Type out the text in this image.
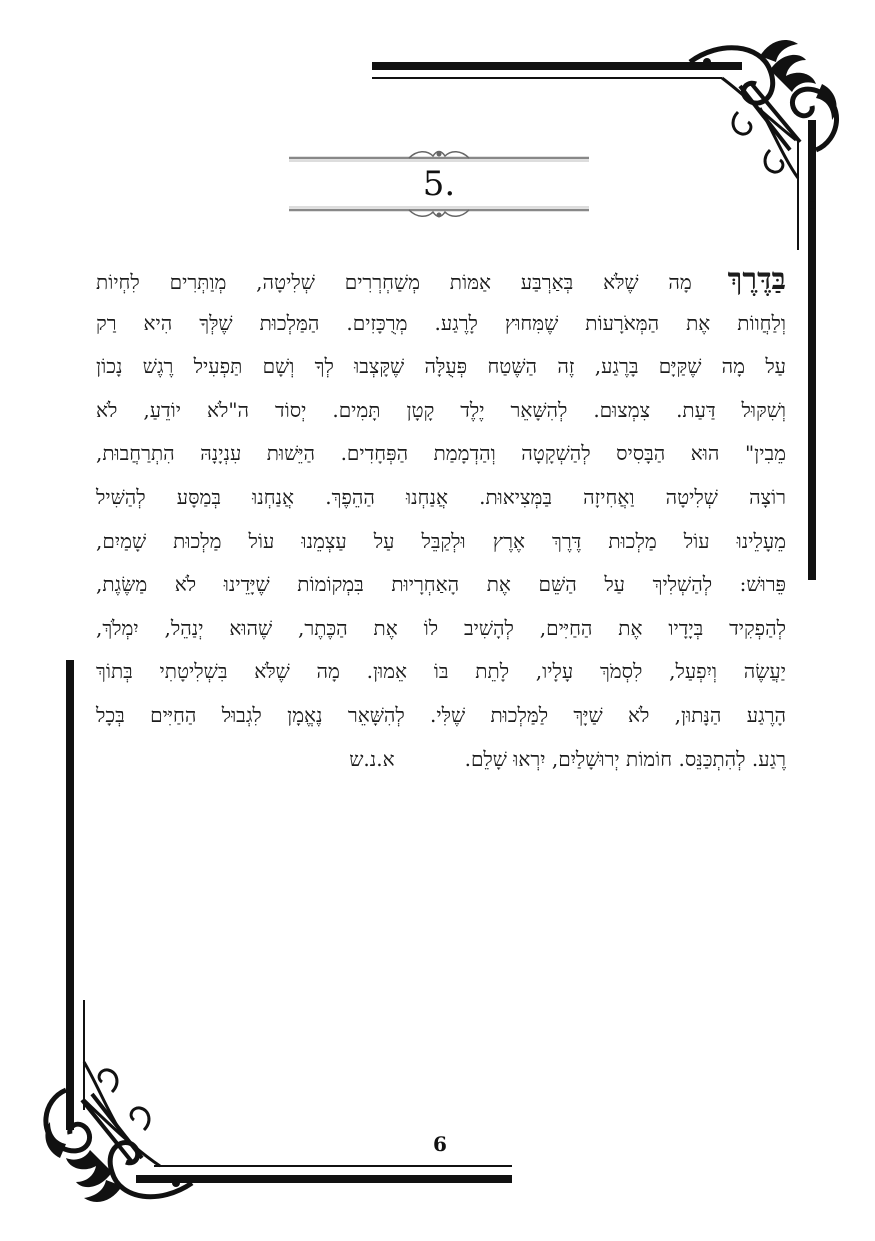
5.
בַּדֶּרֶךְ מָה שֶׁלֹּא בְּאַרְבַּע אַמּוֹת מְשַׁחְרְרִים שְׁלִיטָה, מְוַתְּרִים לִחְיוֹת
וְלַחֲווֹת אֶת הַמְּאֹרָעוֹת שֶׁמִּחוּץ לָרֶגַע. מְרֻכָּזִים. הַמַּלְכוּת שֶׁלְּךָ הִיא רַק
עַל מָה שֶׁקַּיָּם בָּרֶגַע, זֶה הַשֶּׁטַח פְּעֻלָּה שֶׁקָּצְבוּ לְךָ וְשָׁם תַּפְעִיל רֶגֶשׁ נָכוֹן
וְשִׁקּוּל דַּעַת. צִמְצוּם. לְהִשָּׁאֵר יֶלֶד קָטָן תָּמִים. יְסוֹד ה"לֹא יוֹדֵעַ, לֹא
מֵבִין" הוּא הַבָּסִיס לְהַשְׁקָטָה וְהַדְמָמַת הַפְּחָדִים. הַיֵּשׁוּת עִנְיָנָהּ הִתְרַחֲבוּת,
רוֹצָה שְׁלִיטָה וַאֲחִיזָה בַּמְּצִיאוּת. אֲנַחְנוּ הַהֵפֶךְ. אֲנַחְנוּ בְּמַסָּע לְהַשִּׁיל
מֵעָלֵינוּ עוֹל מַלְכוּת דֶּרֶךְ אֶרֶץ וּלְקַבֵּל עַל עַצְמֵנוּ עוֹל מַלְכוּת שָׁמַיִם,
פֵּרוּשׁ: לְהַשְׁלִיךְ עַל הַשֵּׁם אֶת הָאַחְרָיוּת בִּמְקוֹמוֹת שֶׁיָּדֵינוּ לֹא מַשֶּׂגֶת,
לְהַפְקִיד בְּיָדָיו אֶת הַחַיִּים, לְהָשִׁיב לוֹ אֶת הַכֶּתֶר, שֶׁהוּא יְנַהֵל, יִמְלֹךְ,
יַעֲשֶׂה וְיִפְעַל, לִסְמֹךְ עָלָיו, לָתֵת בּוֹ אֵמוּן. מָה שֶׁלֹּא בִּשְׁלִיטָתִי בְּתוֹךְ
הָרֶגַע הַנָּתוּן, לֹא שַׁיָּךְ לַמַּלְכוּת שֶׁלִּי. לְהִשָּׁאֵר נֶאֱמָן לִגְבוּל הַחַיִּים בְּכָל
רֶגַע. לְהִתְכַּנֵּס. חוֹמוֹת יְרוּשָׁלַיִם, יִרְאוּ שָׁלֵם.א.נ.ש
6
